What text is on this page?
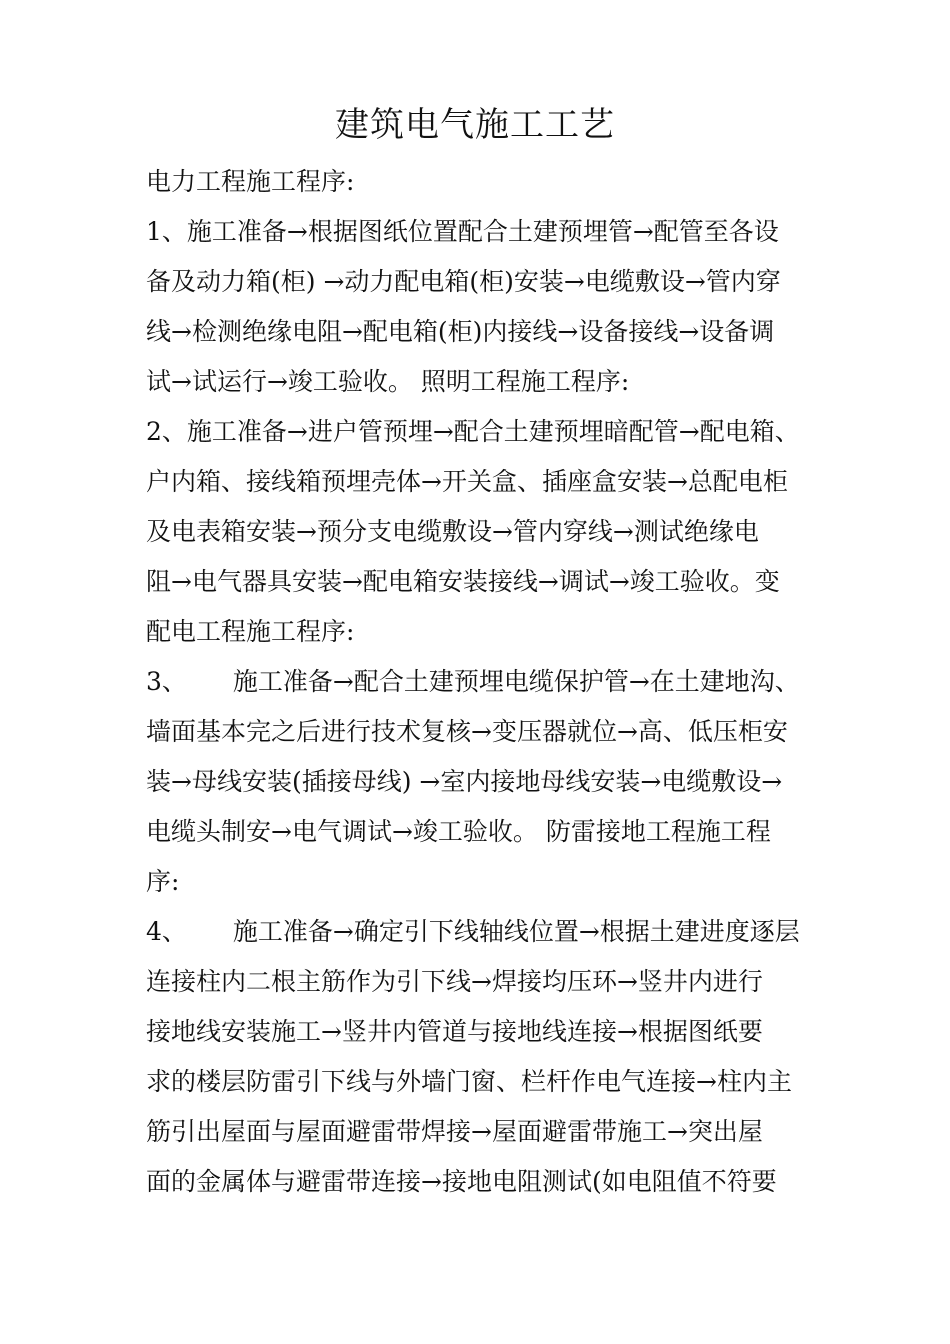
建筑电气施工工艺
电力工程施工程序:

1、施工准备→根据图纸位置配合土建预埋管→配管至各设

备及动力箱(柜) →动力配电箱(柜)安装→电缆敷设→管内穿

线→检测绝缘电阻→配电箱(柜)内接线→设备接线→设备调

试→试运行→竣工验收。 照明工程施工程序:

2、施工准备→进户管预埋→配合土建预埋暗配管→配电箱、

户内箱、接线箱预埋壳体→开关盒、插座盒安装→总配电柜

及电表箱安装→预分支电缆敷设→管内穿线→测试绝缘电

阻→电气器具安装→配电箱安装接线→调试→竣工验收。变

配电工程施工程序:

3、 施工准备→配合土建预埋电缆保护管→在土建地沟、

墙面基本完之后进行技术复核→变压器就位→高、低压柜安

装→母线安装(插接母线) →室内接地母线安装→电缆敷设→

电缆头制安→电气调试→竣工验收。 防雷接地工程施工程

序:

4、 施工准备→确定引下线轴线位置→根据土建进度逐层

连接柱内二根主筋作为引下线→焊接均压环→竖井内进行

接地线安装施工→竖井内管道与接地线连接→根据图纸要

求的楼层防雷引下线与外墙门窗、栏杆作电气连接→柱内主

筋引出屋面与屋面避雷带焊接→屋面避雷带施工→突出屋

面的金属体与避雷带连接→接地电阻测试(如电阻值不符要
